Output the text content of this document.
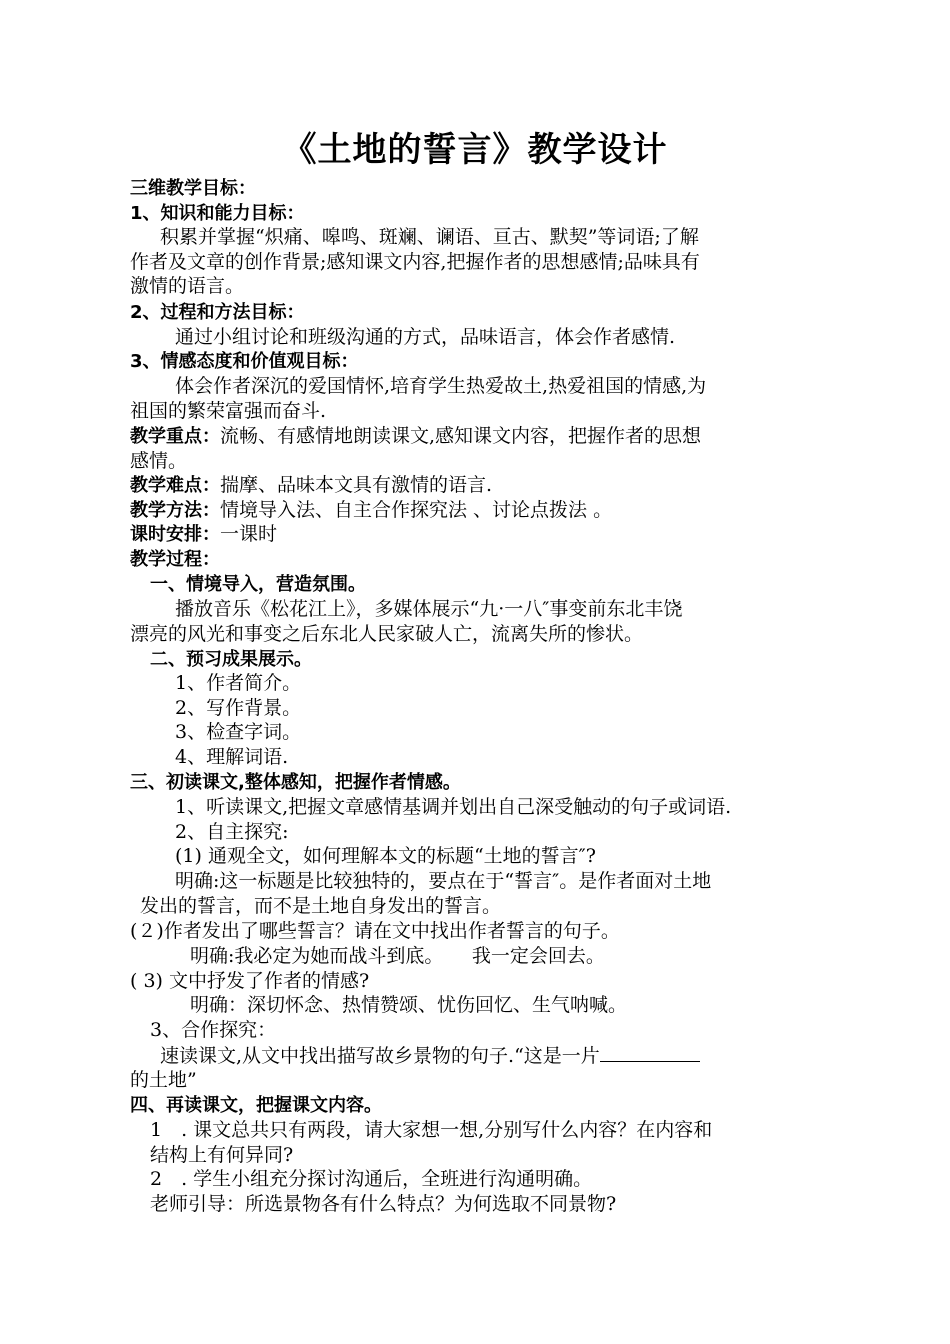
《土地的誓言》教学设计
三维教学目标：
1、知识和能力目标：
积累并掌握“炽痛、嗥鸣、斑斓、谰语、亘古、默契”等词语;了解
作者及文章的创作背景;感知课文内容,把握作者的思想感情;品味具有
激情的语言。
2、过程和方法目标：
通过小组讨论和班级沟通的方式，品味语言，体会作者感情.
3、情感态度和价值观目标：
体会作者深沉的爱国情怀,培育学生热爱故土,热爱祖国的情感,为
祖国的繁荣富强而奋斗.
教学重点：流畅、有感情地朗读课文,感知课文内容，把握作者的思想
感情。
教学难点：揣摩、品味本文具有激情的语言.
教学方法：情境导入法、自主合作探究法 、讨论点拨法 。
课时安排：一课时
教学过程：
一、情境导入，营造氛围。
播放音乐《松花江上》，多媒体展示“九·一八″事变前东北丰饶
漂亮的风光和事变之后东北人民家破人亡，流离失所的惨状。
二、预习成果展示。
1、作者简介。
2、写作背景。
3、检查字词。
4、理解词语.
三、初读课文,整体感知，把握作者情感。
1、听读课文,把握文章感情基调并划出自己深受触动的句子或词语.
2、自主探究:
(1) 通观全文，如何理解本文的标题“土地的誓言″?
明确:这一标题是比较独特的，要点在于“誓言″。是作者面对土地
发出的誓言，而不是土地自身发出的誓言。
(２)作者发出了哪些誓言？请在文中找出作者誓言的句子。
明确:我必定为她而战斗到底。　　我一定会回去。
( 3) 文中抒发了作者的情感?
明确：深切怀念、热情赞颂、忧伤回忆、生气呐喊。
3、合作探究：
速读课文,从文中找出描写故乡景物的句子.“这是一片
的土地”
四、再读课文，把握课文内容。
1　. 课文总共只有两段，请大家想一想,分别写什么内容？在内容和
结构上有何异同?
2　. 学生小组充分探讨沟通后，全班进行沟通明确。
老师引导：所选景物各有什么特点？为何选取不同景物?
